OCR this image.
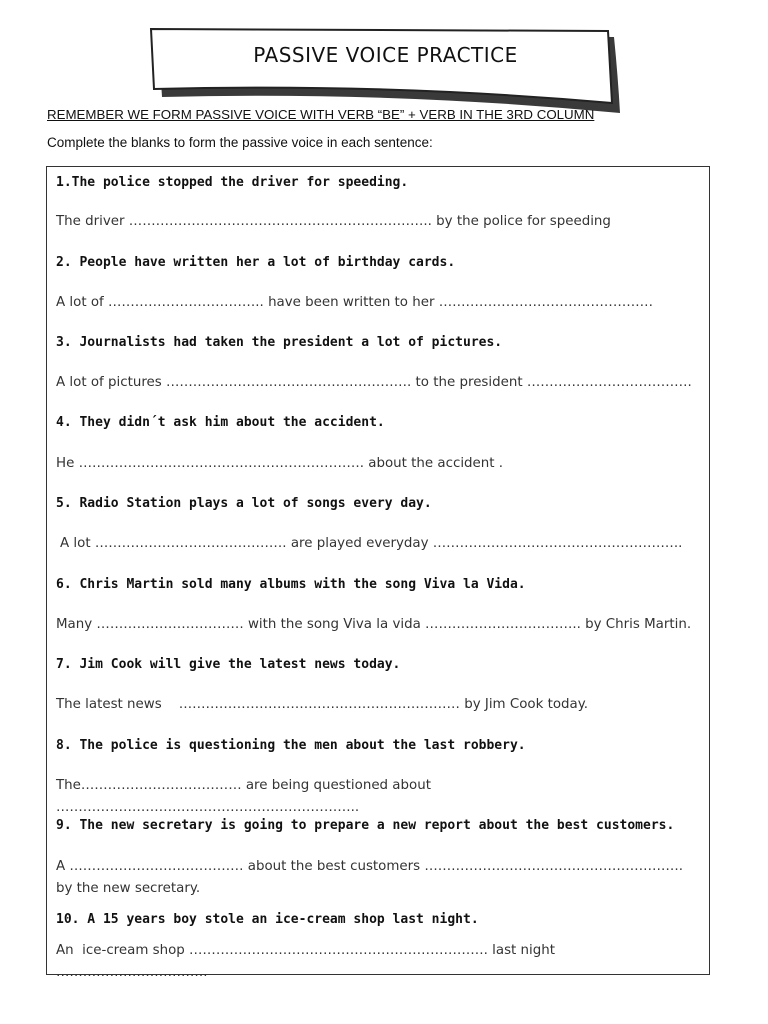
PASSIVE VOICE PRACTICE
REMEMBER WE FORM PASSIVE VOICE WITH VERB “BE” + VERB IN THE 3RD COLUMN
Complete the blanks to form the passive voice in each sentence:
1.The police stopped the driver for speeding.
The driver ………………………………………………………….. by the police for speeding
2. People have written her a lot of birthday cards.
A lot of …………………………….. have been written to her …………………………………………
3. Journalists had taken the president a lot of pictures.
A lot of pictures ………………………………………………. to the president ……………………………….
4. They didn´t ask him about the accident.
He ………………………………………………………. about the accident .
5. Radio Station plays a lot of songs every day.
A lot ……………………………………. are played everyday ………………………………………………..
6. Chris Martin sold many albums with the song Viva la Vida.
Many …………………………… with the song Viva la vida …………………………….. by Chris Martin.
7. Jim Cook will give the latest news today.
The latest news    ……………………………………………………… by Jim Cook today.
8. The police is questioning the men about the last robbery.
The……………………………… are being questioned about …………………………………………………………..
9. The new secretary is going to prepare a new report about the best customers.
A ………………………………… about the best customers …………………………………………………. by the new secretary.
10. A 15 years boy stole an ice-cream shop last night.
An  ice-cream shop …………………………………………………………. last night …………………………….
